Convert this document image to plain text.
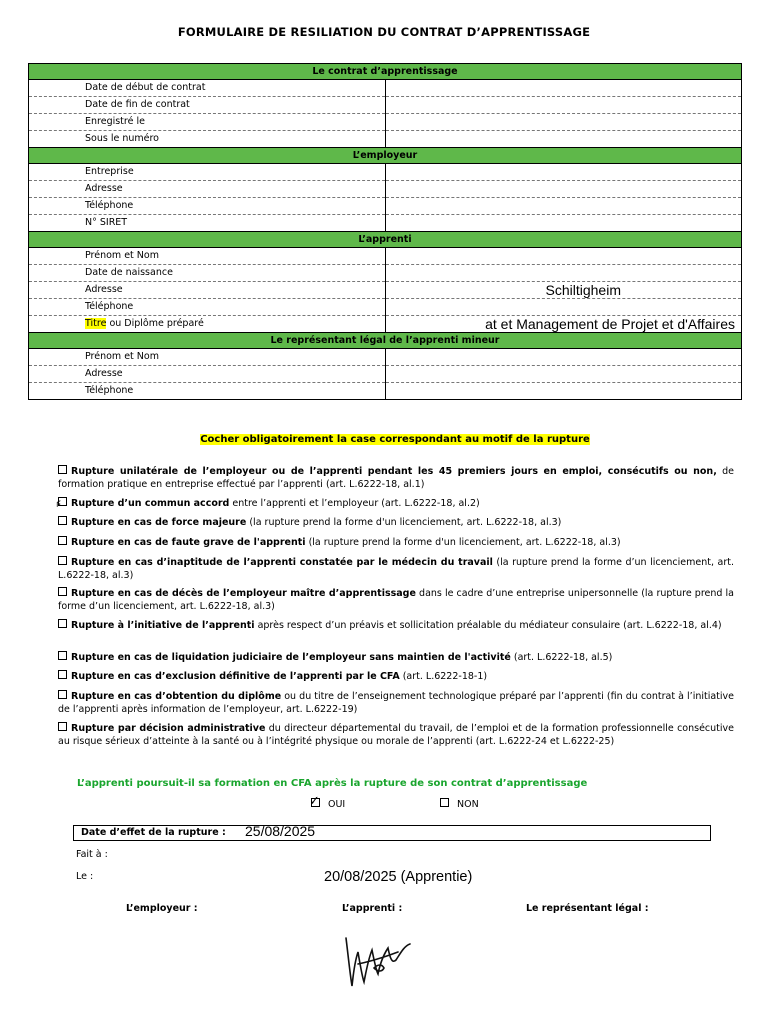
FORMULAIRE DE RESILIATION DU CONTRAT D’APPRENTISSAGE
Le contrat d’apprentissage	
Date de début de contrat	
Date de fin de contrat	
Enregistré le	
Sous le numéro	
L’employeur	
Entreprise	
Adresse	
Téléphone	
N° SIRET	
L’apprenti	
Prénom et Nom	
Date de naissance	
Adresse	Schiltigheim
Téléphone	
Titre ou Diplôme préparé	at et Management de Projet et d'Affaires
Le représentant légal de l’apprenti mineur	
Prénom et Nom	
Adresse	
Téléphone	
Cocher obligatoirement la case correspondant au motif de la rupture
Rupture unilatérale de l’employeur ou de l’apprenti pendant les 45 premiers jours en emploi, consécutifs ou non, de formation pratique en entreprise effectué par l’apprenti (art. L.6222-18, al.1)
⸄ Rupture d’un commun accord entre l’apprenti et l’employeur (art. L.6222-18, al.2)
Rupture en cas de force majeure (la rupture prend la forme d'un licenciement, art. L.6222-18, al.3)
Rupture en cas de faute grave de l'apprenti (la rupture prend la forme d'un licenciement, art. L.6222-18, al.3)
Rupture en cas d’inaptitude de l’apprenti constatée par le médecin du travail (la rupture prend la forme d’un licenciement, art. L.6222-18, al.3)
Rupture en cas de décès de l’employeur maître d’apprentissage dans le cadre d’une entreprise unipersonnelle (la rupture prend la forme d’un licenciement, art. L.6222-18, al.3)
Rupture à l’initiative de l’apprenti après respect d’un préavis et sollicitation préalable du médiateur consulaire (art. L.6222-18, al.4)
Rupture en cas de liquidation judiciaire de l’employeur sans maintien de l'activité (art. L.6222-18, al.5)
Rupture en cas d’exclusion définitive de l’apprenti par le CFA (art. L.6222-18-1)
Rupture en cas d’obtention du diplôme ou du titre de l’enseignement technologique préparé par l’apprenti (fin du contrat à l’initiative de l’apprenti après information de l’employeur, art. L.6222-19)
Rupture par décision administrative du directeur départemental du travail, de l’emploi et de la formation professionnelle consécutive au risque sérieux d’atteinte à la santé ou à l’intégrité physique ou morale de l’apprenti (art. L.6222-24 et L.6222-25)
L’apprenti poursuit-il sa formation en CFA après la rupture de son contrat d’apprentissage
✓ OUI	NON
Date d’effet de la rupture : 25/08/2025
Fait à :
Le :	20/08/2025 (Apprentie)
L’employeur :	L’apprenti :	Le représentant légal :
